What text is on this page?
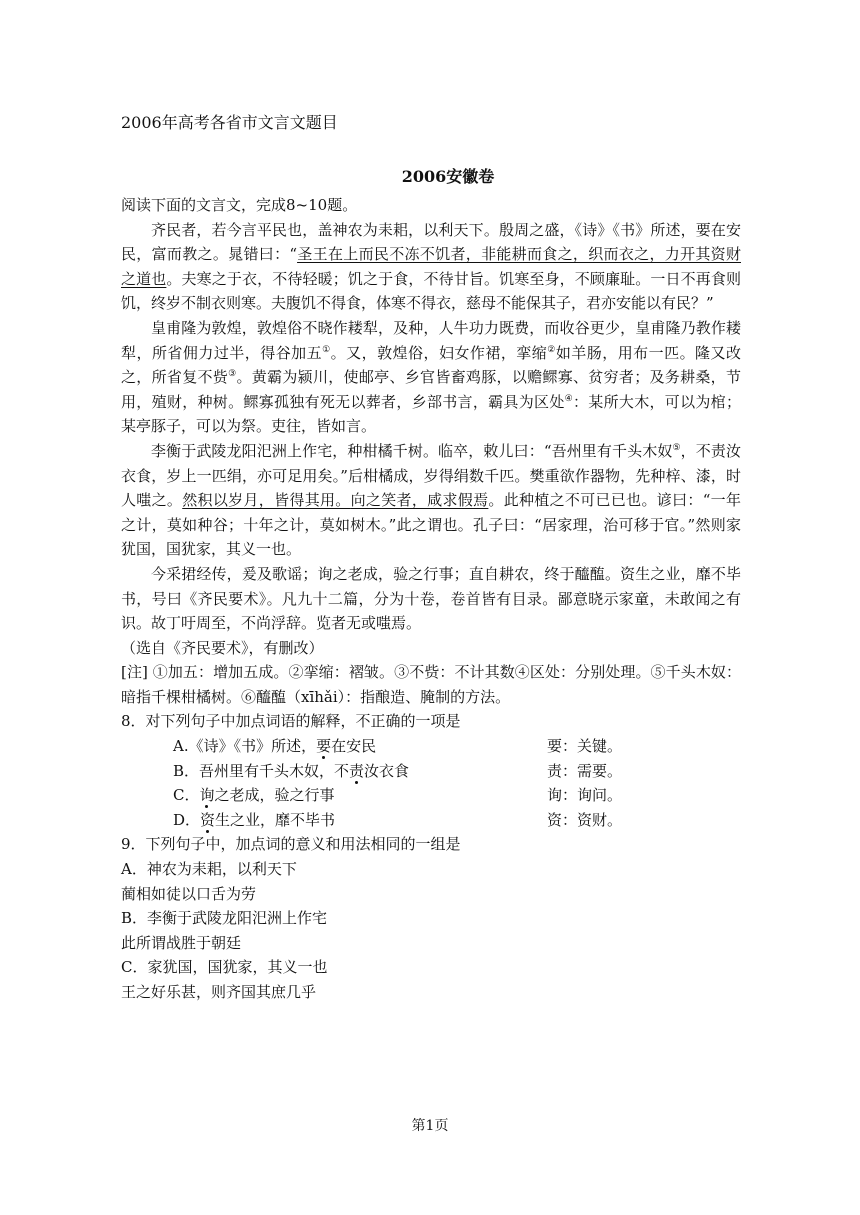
2006年高考各省市文言文题目
2006安徽卷

阅读下面的文言文，完成8~10题。

齐民者，若今言平民也，盖神农为耒耜，以利天下。殷周之盛，《诗》《书》所述，要在安民，富而教之。晁错曰：“圣王在上而民不冻不饥者，非能耕而食之，织而衣之，力开其资财之道也。夫寒之于衣，不待轻暖；饥之于食，不待甘旨。饥寒至身，不顾廉耻。一日不再食则饥，终岁不制衣则寒。夫腹饥不得食，体寒不得衣，慈母不能保其子，君亦安能以有民？”

皇甫隆为敦煌，敦煌俗不晓作耧犁，及种，人牛功力既费，而收谷更少，皇甫隆乃教作耧犁，所省佣力过半，得谷加五①。又，敦煌俗，妇女作裙，挛缩②如羊肠，用布一匹。隆又改之，所省复不赀③。黄霸为颍川，使邮亭、乡官皆畜鸡豚，以赡鳏寡、贫穷者；及务耕桑，节用，殖财，种树。鳏寡孤独有死无以葬者，乡部书言，霸具为区处④：某所大木，可以为棺；某亭豚子，可以为祭。吏往，皆如言。

李衡于武陵龙阳汜洲上作宅，种柑橘千树。临卒，敕儿曰：“吾州里有千头木奴⑤，不责汝衣食，岁上一匹绢，亦可足用矣。”后柑橘成，岁得绢数千匹。樊重欲作器物，先种梓、漆，时人嗤之。然积以岁月，皆得其用。向之笑者，咸求假焉。此种植之不可已已也。谚曰：“一年之计，莫如种谷；十年之计，莫如树木。”此之谓也。孔子曰：“居家理，治可移于官。”然则家犹国，国犹家，其义一也。

今采捃经传，爰及歌谣；询之老成，验之行事；直自耕农，终于醯醢。资生之业，靡不毕书，号曰《齐民要术》。凡九十二篇，分为十卷，卷首皆有目录。鄙意晓示家童，未敢闻之有识。故丁吁周至，不尚浮辞。览者无或嗤焉。

（选自《齐民要术》，有删改）

[注] ①加五：增加五成。②挛缩：褶皱。③不赀：不计其数④区处：分别处理。⑤千头木奴：暗指千棵柑橘树。⑥醯醢（xīhǎi）：指酿造、腌制的方法。

8．对下列句子中加点词语的解释，不正确的一项是

A.《诗》《书》所述，要在安民	要：关键。
B．吾州里有千头木奴，不责汝衣食	责：需要。
C．询之老成，验之行事	询：询问。
D．资生之业，靡不毕书	资：资财。

9．下列句子中，加点词的意义和用法相同的一组是

A．神农为耒耜，以利天下

蔺相如徒以口舌为劳

B．李衡于武陵龙阳汜洲上作宅

此所谓战胜于朝廷

C．家犹国，国犹家，其义一也

王之好乐甚，则齐国其庶几乎

第1页
